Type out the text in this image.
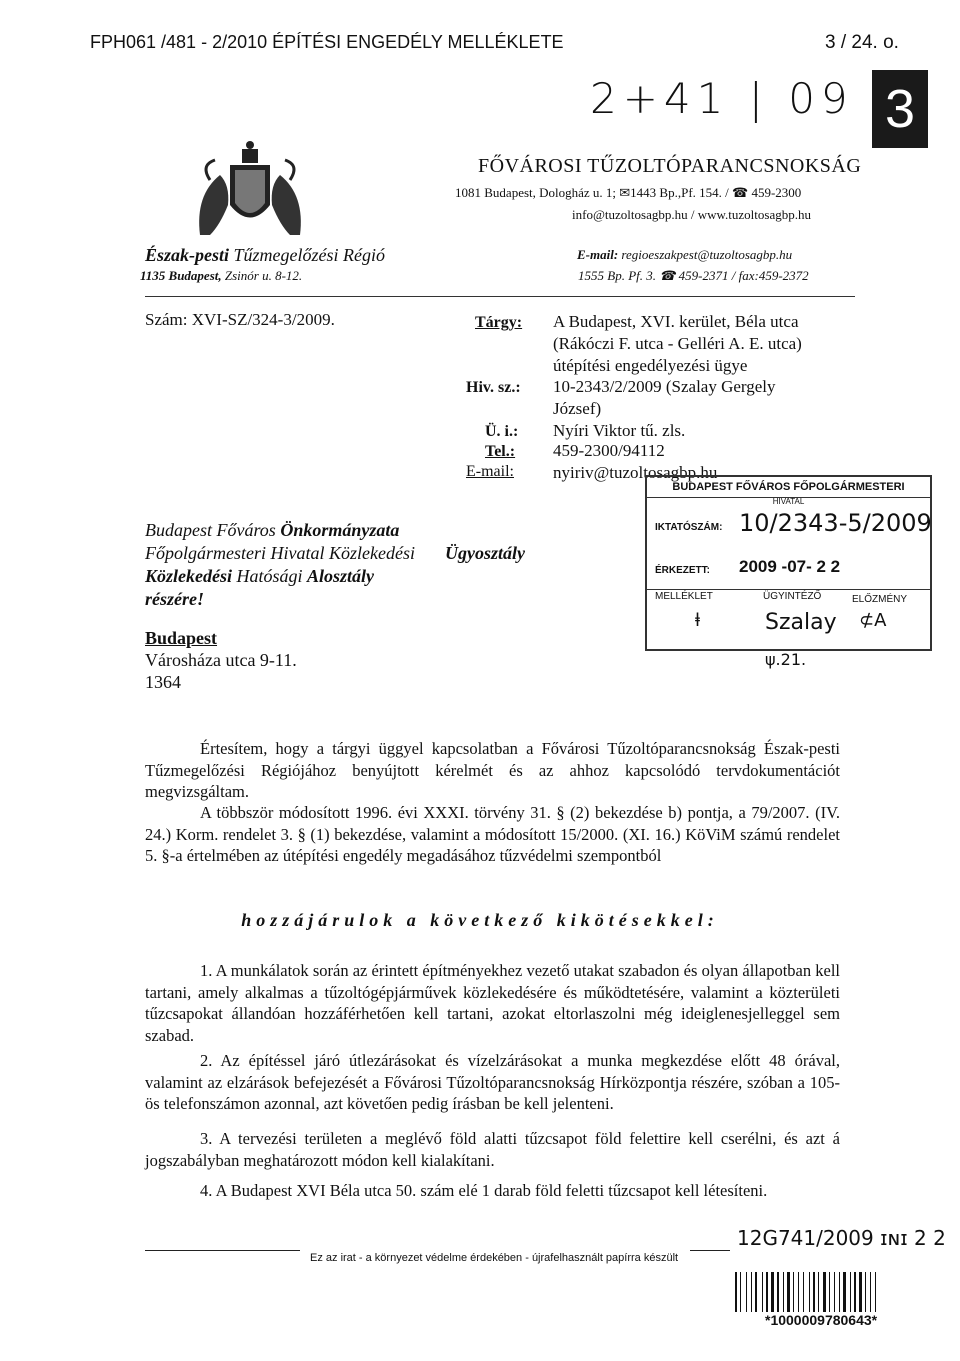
FPH061 /481 - 2/2010 ÉPÍTÉSI ENGEDÉLY MELLÉKLETE	3 / 24. o.
3
2+41 | 09
FŐVÁROSI TŰZOLTÓPARANCSNOKSÁG
1081 Budapest, Dologház u. 1; ✉1443 Bp.,Pf. 154. / ☎ 459-2300
info@tuzoltosagbp.hu / www.tuzoltosagbp.hu
Észak-pesti Tűzmegelőzési Régió
1135 Budapest, Zsinór u. 8-12.
E-mail: regioeszakpest@tuzoltosagbp.hu
1555 Bp. Pf. 3. ☎ 459-2371 / fax:459-2372
Szám: XVI-SZ/324-3/2009.	Tárgy: A Budapest, XVI. kerület, Béla utca
(Rákóczi F. utca - Gelléri A. E. utca)
útépítési engedélyezési ügye
Hiv. sz.: 10-2343/2/2009 (Szalay Gergely
József)
Ü. i.: Nyíri Viktor tű. zls.
Tel.: 459-2300/94112
E-mail: nyiriv@tuzoltosagbp.hu
BUDAPEST FŐVÁROS FŐPOLGÁRMESTERI
HIVATAL
IKTATÓSZÁM: 10/2343-5/2009
ÉRKEZETT:	2009 -07- 2 2
MELLÉKLET	ÜGYINTÉZŐ	ELŐZMÉNY
ⱡ	Szalay	⊄A
ψ.21.
Budapest Főváros Önkormányzata
Főpolgármesteri Hivatal Közlekedési Ügyosztály
Közlekedési Hatósági Alosztály
részére!
Budapest
Városháza utca 9-11.
1364
Értesítem, hogy a tárgyi üggyel kapcsolatban a Fővárosi Tűzoltóparancsnokság Észak-pesti Tűzmegelőzési Régiójához benyújtott kérelmét és az ahhoz kapcsolódó tervdokumentációt megvizsgáltam.
A többször módosított 1996. évi XXXI. törvény 31. § (2) bekezdése b) pontja, a 79/2007. (IV. 24.) Korm. rendelet 3. § (1) bekezdése, valamint a módosított 15/2000. (XI. 16.) KöViM számú rendelet 5. §-a értelmében az útépítési engedély megadásához tűzvédelmi szempontból
hozzájárulok a következő kikötésekkel:
1. A munkálatok során az érintett építményekhez vezető utakat szabadon és olyan állapotban kell tartani, amely alkalmas a tűzoltógépjárművek közlekedésére és működtetésére, valamint a közterületi tűzcsapokat állandóan hozzáférhetően kell tartani, azokat eltorlaszolni még ideiglenesjelleggel sem szabad.
2. Az építéssel járó útlezárásokat és vízelzárásokat a munka megkezdése előtt 48 órával, valamint az elzárások befejezését a Fővárosi Tűzoltóparancsnokság Hírközpontja részére, szóban a 105-ös telefonszámon azonnal, azt követően pedig írásban be kell jelenteni.
3. A tervezési területen a meglévő föld alatti tűzcsapot föld felettire kell cserélni, és azt á jogszabályban meghatározott módon kell kialakítani.
4. A Budapest XVI Béla utca 50. szám elé 1 darab föld feletti tűzcsapot kell létesíteni.
Ez az irat - a környezet védelme érdekében - újrafelhasznált papírra készült
12G741/2009 ɪɴɪ 2 2
*1000009780643*
